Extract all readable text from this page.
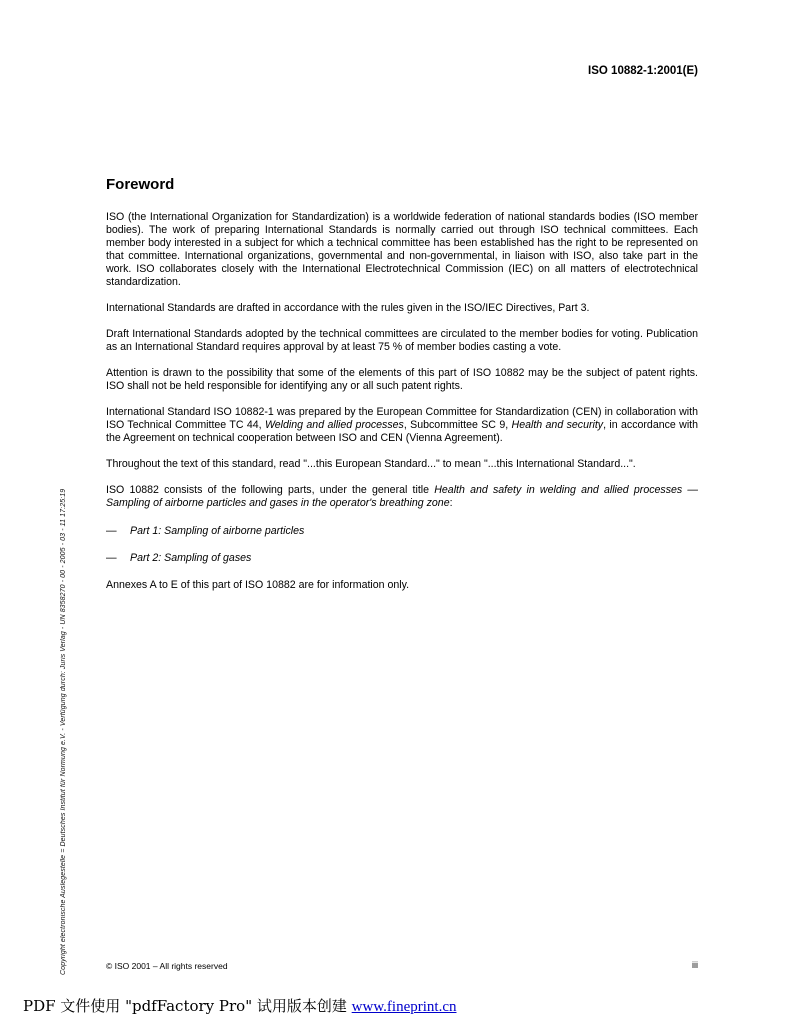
ISO 10882-1:2001(E)
Copyright electronische Auslegestelle = Deutsches Institut für Normung e.V. - Verfügung durch: Juris Verlag - UN 8358270 - 00 - 2005 - 03 - 11 17:25:19
Foreword

ISO (the International Organization for Standardization) is a worldwide federation of national standards bodies (ISO member bodies). The work of preparing International Standards is normally carried out through ISO technical committees. Each member body interested in a subject for which a technical committee has been established has the right to be represented on that committee. International organizations, governmental and non-governmental, in liaison with ISO, also take part in the work. ISO collaborates closely with the International Electrotechnical Commission (IEC) on all matters of electrotechnical standardization.

International Standards are drafted in accordance with the rules given in the ISO/IEC Directives, Part 3.

Draft International Standards adopted by the technical committees are circulated to the member bodies for voting. Publication as an International Standard requires approval by at least 75 % of member bodies casting a vote.

Attention is drawn to the possibility that some of the elements of this part of ISO 10882 may be the subject of patent rights. ISO shall not be held responsible for identifying any or all such patent rights.

International Standard ISO 10882-1 was prepared by the European Committee for Standardization (CEN) in collaboration with ISO Technical Committee TC 44, Welding and allied processes, Subcommittee SC 9, Health and security, in accordance with the Agreement on technical cooperation between ISO and CEN (Vienna Agreement).

Throughout the text of this standard, read "...this European Standard..." to mean "...this International Standard...".

ISO 10882 consists of the following parts, under the general title Health and safety in welding and allied processes — Sampling of airborne particles and gases in the operator's breathing zone:

—	Part 1: Sampling of airborne particles
—	Part 2: Sampling of gases

Annexes A to E of this part of ISO 10882 are for information only.

© ISO 2001 – All rights reserved	iii
PDF 文件使用 "pdfFactory Pro" 试用版本创建 www.fineprint.cn
